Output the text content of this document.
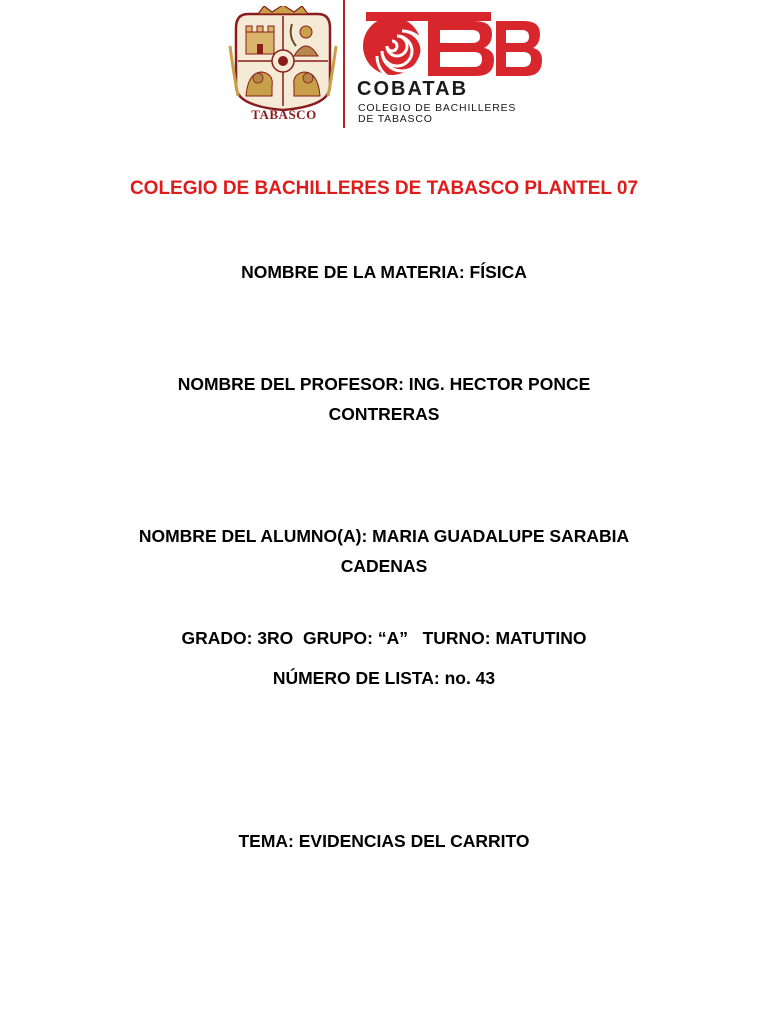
TABASCO
COBATAB
COLEGIO DE BACHILLERES
DE TABASCO
COLEGIO DE BACHILLERES DE TABASCO PLANTEL 07
NOMBRE DE LA MATERIA: FÍSICA
NOMBRE DEL PROFESOR: ING. HECTOR PONCE
CONTRERAS
NOMBRE DEL ALUMNO(A): MARIA GUADALUPE SARABIA
CADENAS
GRADO: 3RO  GRUPO: “A”   TURNO: MATUTINO
NÚMERO DE LISTA: no. 43
TEMA: EVIDENCIAS DEL CARRITO
